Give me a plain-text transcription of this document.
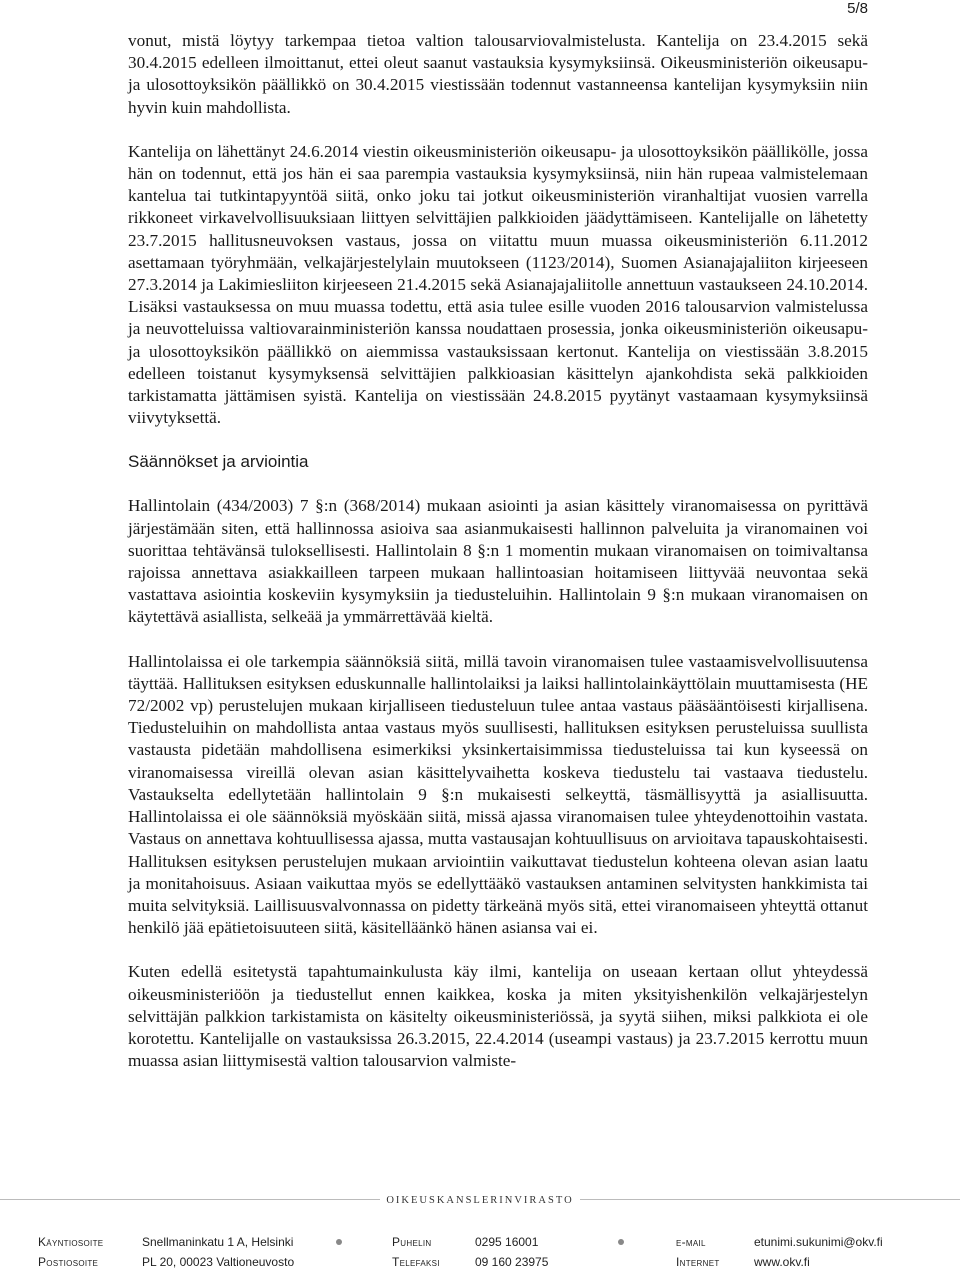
5/8

vonut, mistä löytyy tarkempaa tietoa valtion talousarviovalmistelusta. Kantelija on 23.4.2015 sekä 30.4.2015 edelleen ilmoittanut, ettei oleut saanut vastauksia kysymyksiinsä. Oikeusministeriön oikeusapu- ja ulosottoyksikön päällikkö on 30.4.2015 viestissään todennut vastanneensa kantelijan kysymyksiin niin hyvin kuin mahdollista.

Kantelija on lähettänyt 24.6.2014 viestin oikeusministeriön oikeusapu- ja ulosottoyksikön päällikölle, jossa hän on todennut, että jos hän ei saa parempia vastauksia kysymyksiinsä, niin hän rupeaa valmistelemaan kantelua tai tutkintapyyntöä siitä, onko joku tai jotkut oikeusministeriön viranhaltijat vuosien varrella rikkoneet virkavelvollisuuksiaan liittyen selvittäjien palkkioiden jäädyttämiseen. Kantelijalle on lähetetty 23.7.2015 hallitusneuvoksen vastaus, jossa on viitattu muun muassa oikeusministeriön 6.11.2012 asettamaan työryhmään, velkajärjestelylain muutokseen (1123/2014), Suomen Asianajajaliiton kirjeeseen 27.3.2014 ja Lakimiesliiton kirjeeseen 21.4.2015 sekä Asianajajaliitolle annettuun vastaukseen 24.10.2014. Lisäksi vastauksessa on muu muassa todettu, että asia tulee esille vuoden 2016 talousarvion valmistelussa ja neuvotteluissa valtiovarainministeriön kanssa noudattaen prosessia, jonka oikeusministeriön oikeusapu- ja ulosottoyksikön päällikkö on aiemmissa vastauksissaan kertonut. Kantelija on viestissään 3.8.2015 edelleen toistanut kysymyksensä selvittäjien palkkioasian käsittelyn ajankohdista sekä palkkioiden tarkistamatta jättämisen syistä. Kantelija on viestissään 24.8.2015 pyytänyt vastaamaan kysymyksiinsä viivytyksettä.

Säännökset ja arviointia

Hallintolain (434/2003) 7 §:n (368/2014) mukaan asiointi ja asian käsittely viranomaisessa on pyrittävä järjestämään siten, että hallinnossa asioiva saa asianmukaisesti hallinnon palveluita ja viranomainen voi suorittaa tehtävänsä tuloksellisesti. Hallintolain 8 §:n 1 momentin mukaan viranomaisen on toimivaltansa rajoissa annettava asiakkailleen tarpeen mukaan hallintoasian hoitamiseen liittyvää neuvontaa sekä vastattava asiointia koskeviin kysymyksiin ja tiedusteluihin. Hallintolain 9 §:n mukaan viranomaisen on käytettävä asiallista, selkeää ja ymmärrettävää kieltä.

Hallintolaissa ei ole tarkempia säännöksiä siitä, millä tavoin viranomaisen tulee vastaamisvelvollisuutensa täyttää. Hallituksen esityksen eduskunnalle hallintolaiksi ja laiksi hallintolainkäyttölain muuttamisesta (HE 72/2002 vp) perustelujen mukaan kirjalliseen tiedusteluun tulee antaa vastaus pääsääntöisesti kirjallisena. Tiedusteluihin on mahdollista antaa vastaus myös suullisesti, hallituksen esityksen perusteluissa suullista vastausta pidetään mahdollisena esimerkiksi yksinkertaisimmissa tiedusteluissa tai kun kyseessä on viranomaisessa vireillä olevan asian käsittelyvaihetta koskeva tiedustelu tai vastaava tiedustelu. Vastaukselta edellytetään hallintolain 9 §:n mukaisesti selkeyttä, täsmällisyyttä ja asiallisuutta. Hallintolaissa ei ole säännöksiä myöskään siitä, missä ajassa viranomaisen tulee yhteydenottoihin vastata. Vastaus on annettava kohtuullisessa ajassa, mutta vastausajan kohtuullisuus on arvioitava tapauskohtaisesti. Hallituksen esityksen perustelujen mukaan arviointiin vaikuttavat tiedustelun kohteena olevan asian laatu ja monitahoisuus. Asiaan vaikuttaa myös se edellyttääkö vastauksen antaminen selvitysten hankkimista tai muita selvityksiä. Laillisuusvalvonnassa on pidetty tärkeänä myös sitä, ettei viranomaiseen yhteyttä ottanut henkilö jää epätietoisuuteen siitä, käsitelläänkö hänen asiansa vai ei.

Kuten edellä esitetystä tapahtumainkulusta käy ilmi, kantelija on useaan kertaan ollut yhteydessä oikeusministeriöön ja tiedustellut ennen kaikkea, koska ja miten yksityishenkilön velkajärjestelyn selvittäjän palkkion tarkistamista on käsitelty oikeusministeriössä, ja syytä siihen, miksi palkkiota ei ole korotettu. Kantelijalle on vastauksissa 26.3.2015, 22.4.2014 (useampi vastaus) ja 23.7.2015 kerrottu muun muassa asian liittymisestä valtion talousarvion valmiste-

OIKEUSKANSLERINVIRASTO
Käyntiosoite	Snellmaninkatu 1 A, Helsinki	Puhelin	0295 16001	e-mail	etunimi.sukunimi@okv.fi
Postiosoite	PL 20, 00023 Valtioneuvosto	Telefaksi	09 160 23975	Internet	www.okv.fi
